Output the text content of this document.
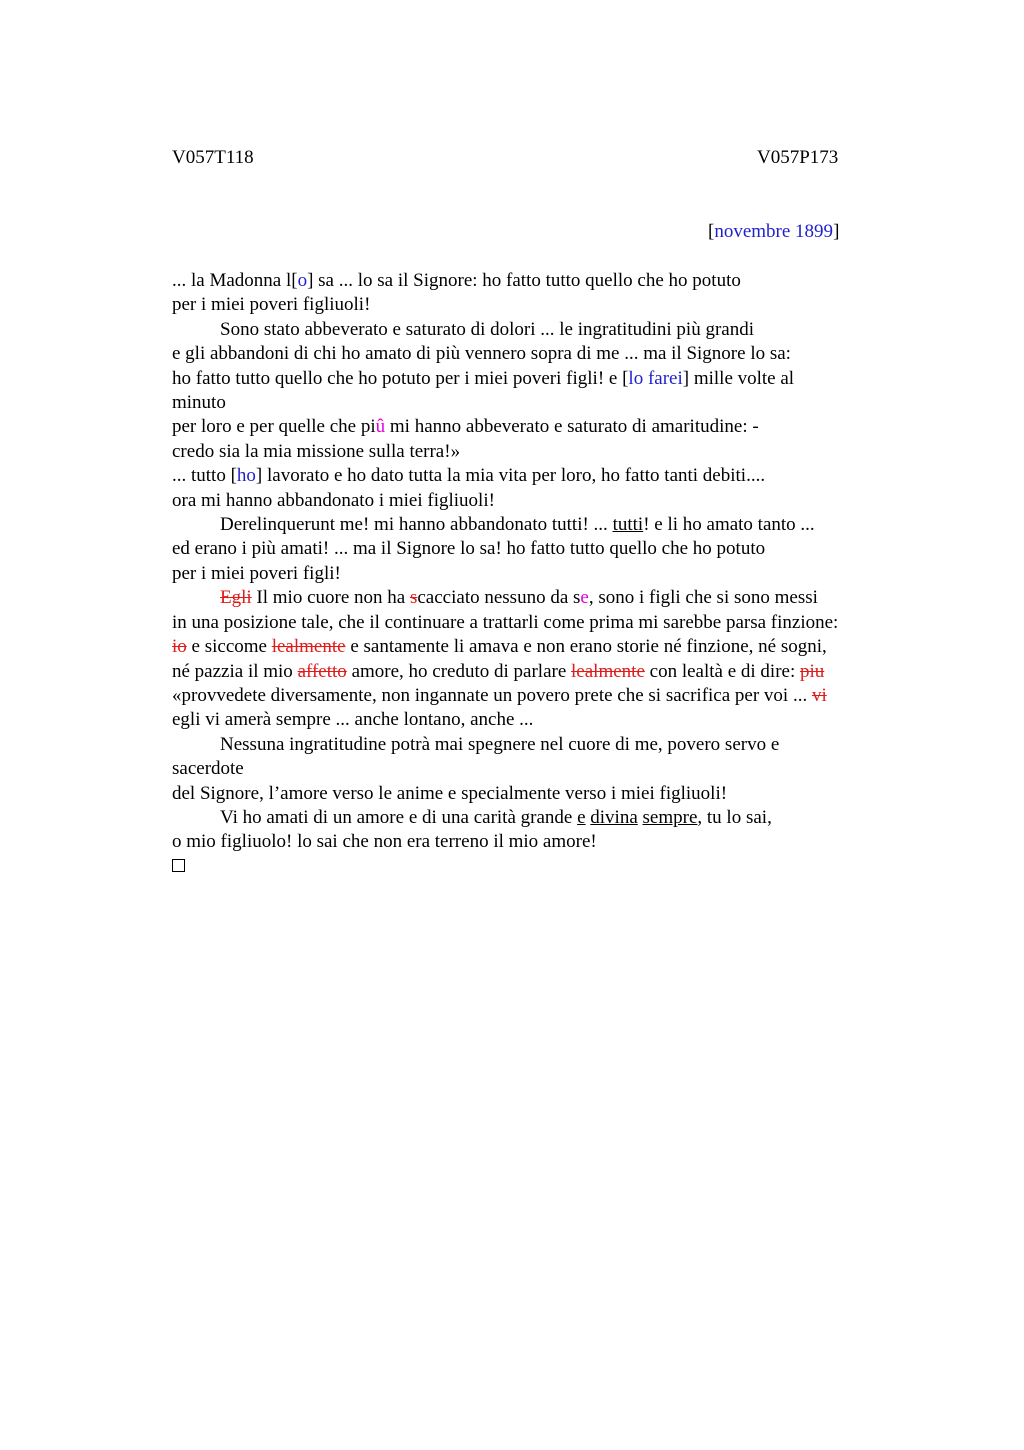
V057T118	V057P173
[novembre 1899]
... la Madonna l[o] sa ... lo sa il Signore: ho fatto tutto quello che ho potuto
per i miei poveri figliuoli!
Sono stato abbeverato e saturato di dolori ... le ingratitudini più grandi
e gli abbandoni di chi ho amato di più vennero sopra di me ... ma il Signore lo sa:
ho fatto tutto quello che ho potuto per i miei poveri figli! e [lo farei] mille volte al
minuto
per loro e per quelle che piû mi hanno abbeverato e saturato di amaritudine: -
credo sia la mia missione sulla terra!»
... tutto [ho] lavorato e ho dato tutta la mia vita per loro, ho fatto tanti debiti....
ora mi hanno abbandonato i miei figliuoli!
Derelinquerunt me! mi hanno abbandonato tutti! ... tutti! e li ho amato tanto ...
ed erano i più amati! ... ma il Signore lo sa! ho fatto tutto quello che ho potuto
per i miei poveri figli!
Egli Il mio cuore non ha scacciato nessuno da se, sono i figli che si sono messi
in una posizione tale, che il continuare a trattarli come prima mi sarebbe parsa finzione:
io e siccome lealmente e santamente li amava e non erano storie né finzione, né sogni,
né pazzia il mio affetto amore, ho creduto di parlare lealmente con lealtà e di dire: piu
«provvedete diversamente, non ingannate un povero prete che si sacrifica per voi ... vi
egli vi amerà sempre ... anche lontano, anche ...
Nessuna ingratitudine potrà mai spegnere nel cuore di me, povero servo e
sacerdote
del Signore, l’amore verso le anime e specialmente verso i miei figliuoli!
Vi ho amati di un amore e di una carità grande e divina sempre, tu lo sai,
o mio figliuolo! lo sai che non era terreno il mio amore!
